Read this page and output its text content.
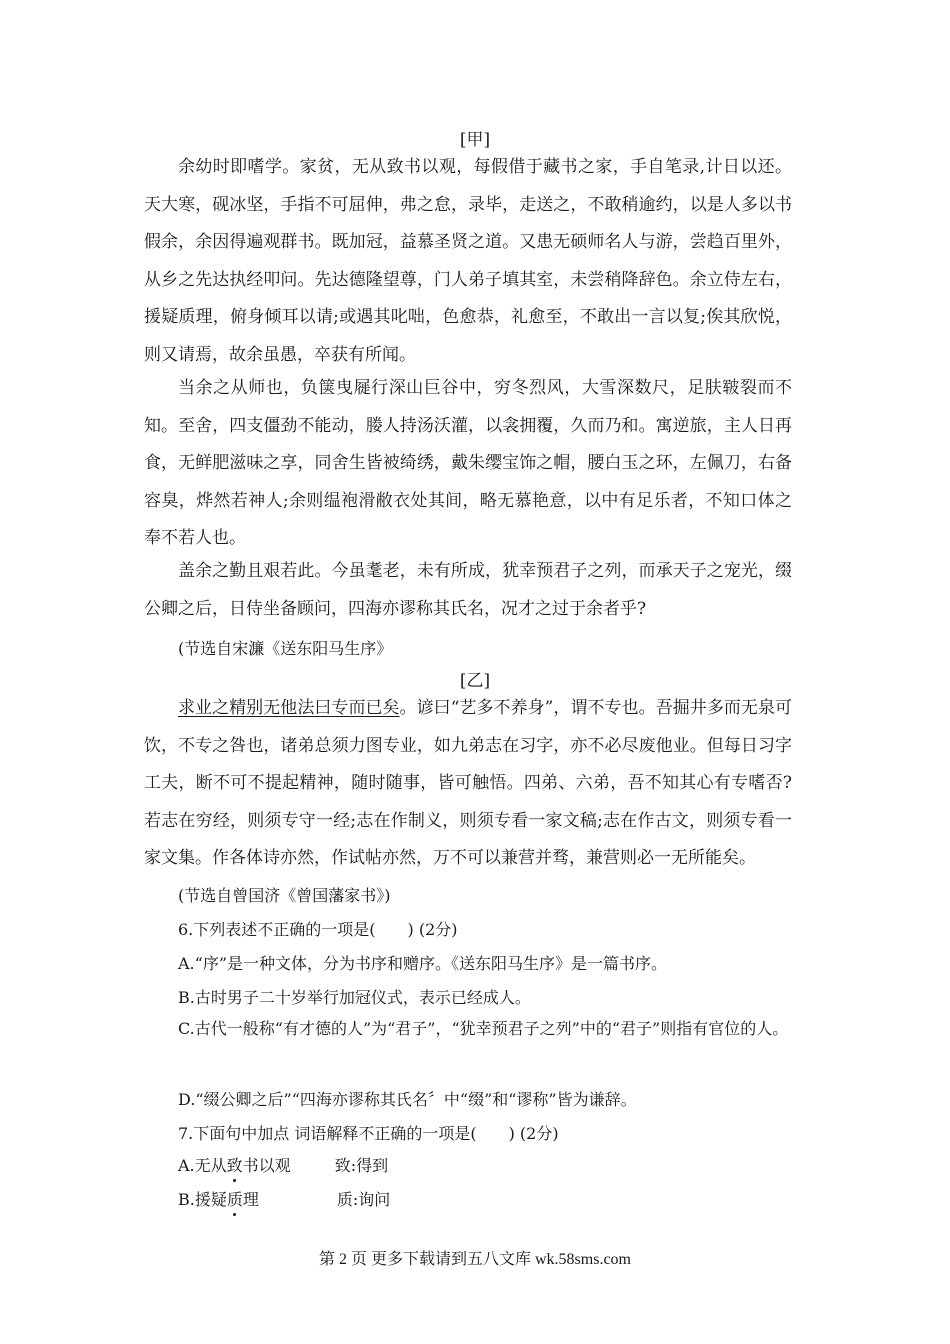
[甲]

余幼时即嗜学。家贫，无从致书以观，每假借于藏书之家，手自笔录,计日以还。天大寒，砚冰坚，手指不可屈伸，弗之怠，录毕，走送之，不敢稍逾约，以是人多以书假余，余因得遍观群书。既加冠，益慕圣贤之道。又患无硕师名人与游，尝趋百里外，从乡之先达执经叩问。先达德隆望尊，门人弟子填其室，未尝稍降辞色。余立侍左右，援疑质理，俯身倾耳以请;或遇其叱咄，色愈恭，礼愈至，不敢出一言以复;俟其欣悦，则又请焉，故余虽愚，卒获有所闻。

当余之从师也，负箧曳屣行深山巨谷中，穷冬烈风，大雪深数尺，足肤皲裂而不知。至舍，四支僵劲不能动，媵人持汤沃灌，以衾拥覆，久而乃和。寓逆旅，主人日再食，无鲜肥滋味之享，同舍生皆被绮绣，戴朱缨宝饰之帽，腰白玉之环，左佩刀，右备容臭，烨然若神人;余则缊袍滑敝衣处其间，略无慕艳意，以中有足乐者，不知口体之奉不若人也。

盖余之勤且艰若此。今虽耄老，未有所成，犹幸预君子之列，而承天子之宠光，缀公卿之后，日侍坐备顾问，四海亦谬称其氏名，况才之过于余者乎?

(节选自宋濂《送东阳马生序》
[乙]

求业之精别无他法曰专而已矣。谚曰“艺多不养身”，谓不专也。吾掘井多而无泉可饮，不专之咎也，诸弟总须力图专业，如九弟志在习字，亦不必尽废他业。但每日习字工夫，断不可不提起精神，随时随事，皆可触悟。四弟、六弟，吾不知其心有专嗜否?若志在穷经，则须专守一经;志在作制义，则须专看一家文稿;志在作古文，则须专看一家文集。作各体诗亦然，作试帖亦然，万不可以兼营并骛，兼营则必一无所能矣。

(节选自曾国济《曾国藩家书》)
6.下列表述不正确的一项是(　　) (2分)
A.“序”是一种文体，分为书序和赠序。《送东阳马生序》是一篇书序。
B.古时男子二十岁举行加冠仪式，表示已经成人。

C.古代一般称“有才德的人”为“君子”，“犹幸预君子之列”中的“君子”则指有官位的人。

D.“缀公卿之后”“四海亦谬称其氏名〞中“缀”和“谬称”皆为谦辞。
7.下面句中加点 词语解释不正确的一项是(　　) (2分)
A.无从致书以观	致:得到
B.援疑质理	质:询问
第 2 页 更多下载请到五八文库 wk.58sms.com
